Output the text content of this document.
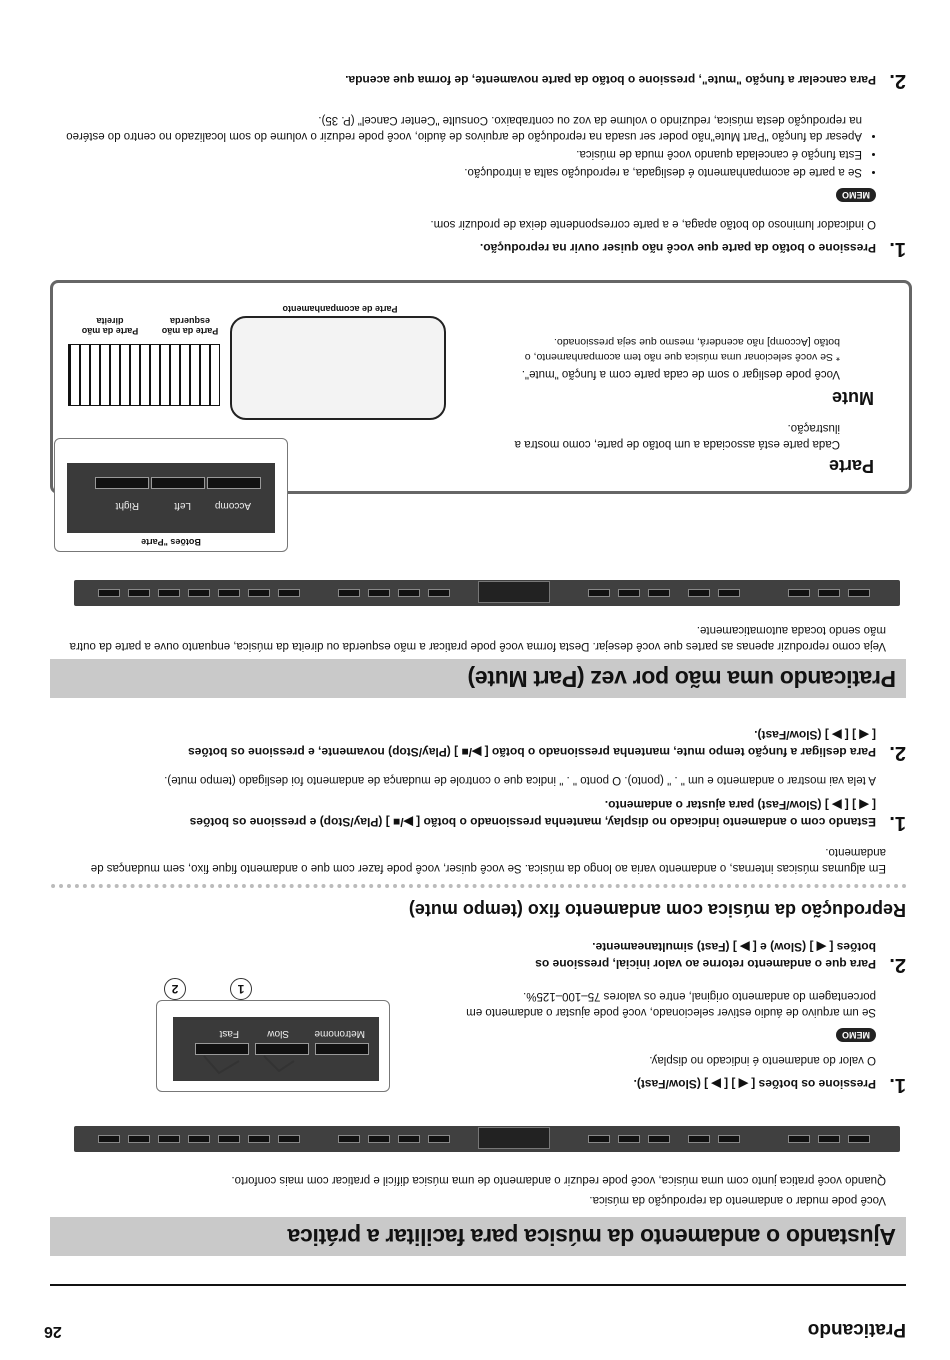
Praticando
26
Ajustando o andamento da música para facilitar a prática
Você pode mudar o andamento da reprodução da música.
Quando você pratica junto com uma música, você pode reduzir o andamento de uma música difícil e praticar com mais conforto.
1.
Pressione os botões [ ◀ ] [ ▶ ] (Slow/Fast).
O valor do andamento é indicado no display.
MEMO
Se um arquivo de áudio estiver selecionado, você pode ajustar o andamento em porcentagem do andamento original, entre os valores 75–100–125%.
2.
Para que o andamento retorne ao valor inicial, pressione os
botões [ ◀ ] (Slow) e [ ▶ ] (Fast) simultaneamente.
Metronome
Slow
Fast
1
2
Reprodução da música com andamento fixo (tempo mute)
Em algumas músicas internas, o andamento varia ao longo da música. Se você quiser, você pode fazer com que o andamento fique fixo, sem mudanças de andamento.
1.
Estando com o andamento indicado no display, mantenha pressionado o botão [ ▶/■ ] (Play/Stop) e pressione os botões
[ ◀ ] [ ▶ ] (Slow/Fast) para ajustar o andamento.
A tela vai mostrar o andamento e um " . " (ponto). O ponto " . " indica que o controle de mudança de andamento foi desligado (tempo mute).
2.
Para desligar a função tempo mute, mantenha pressionado o botão [ ▶/■ ] (Play/Stop) novamente, e pressione os botões
[ ◀ ] [ ▶ ] (Slow/Fast).
Praticando uma mão por vez (Part Mute)
Veja como reproduzir apenas as partes que você desejar. Desta forma você pode praticar a mão esquerda ou direita da música, enquanto ouve a parte da outra mão sendo tocada automaticamente.
Botões "Parte
Accomp
Left
Right
Parte
Cada parte está associada a um botão de parte, como mostra a ilustração.
Mute
Você pode desligar o som de cada parte com a função "mute".
* Se você selecionar uma música que não tem acompanhamento, o botão [Accomp] não acenderá, mesmo que seja pressionado.
Parte de acompanhamento
Parte da mão esquerda
Parte da mão direita
1.
Pressione o botão da parte que você não quiser ouvir na reprodução.
O indicador luminoso do botão apaga, e a parte correspondente deixa de produzir som.
MEMO
• Se a parte de acompanhamento é desligada, a reprodução salta a introdução.
• Esta função é cancelada quando você muda de música.
• Apesar da função "Part Mute"não poder ser usada na reprodução de arquivos de áudio, você pode reduzir o volume do som localizado no centro do estéreo na reprodução desta música, reduzindo o volume da voz ou contrabaixo. Consulte "Center Cancel" (P. 35).
2.
Para cancelar a função "mute", pressione o botão da parte novamente, de forma que acenda.
